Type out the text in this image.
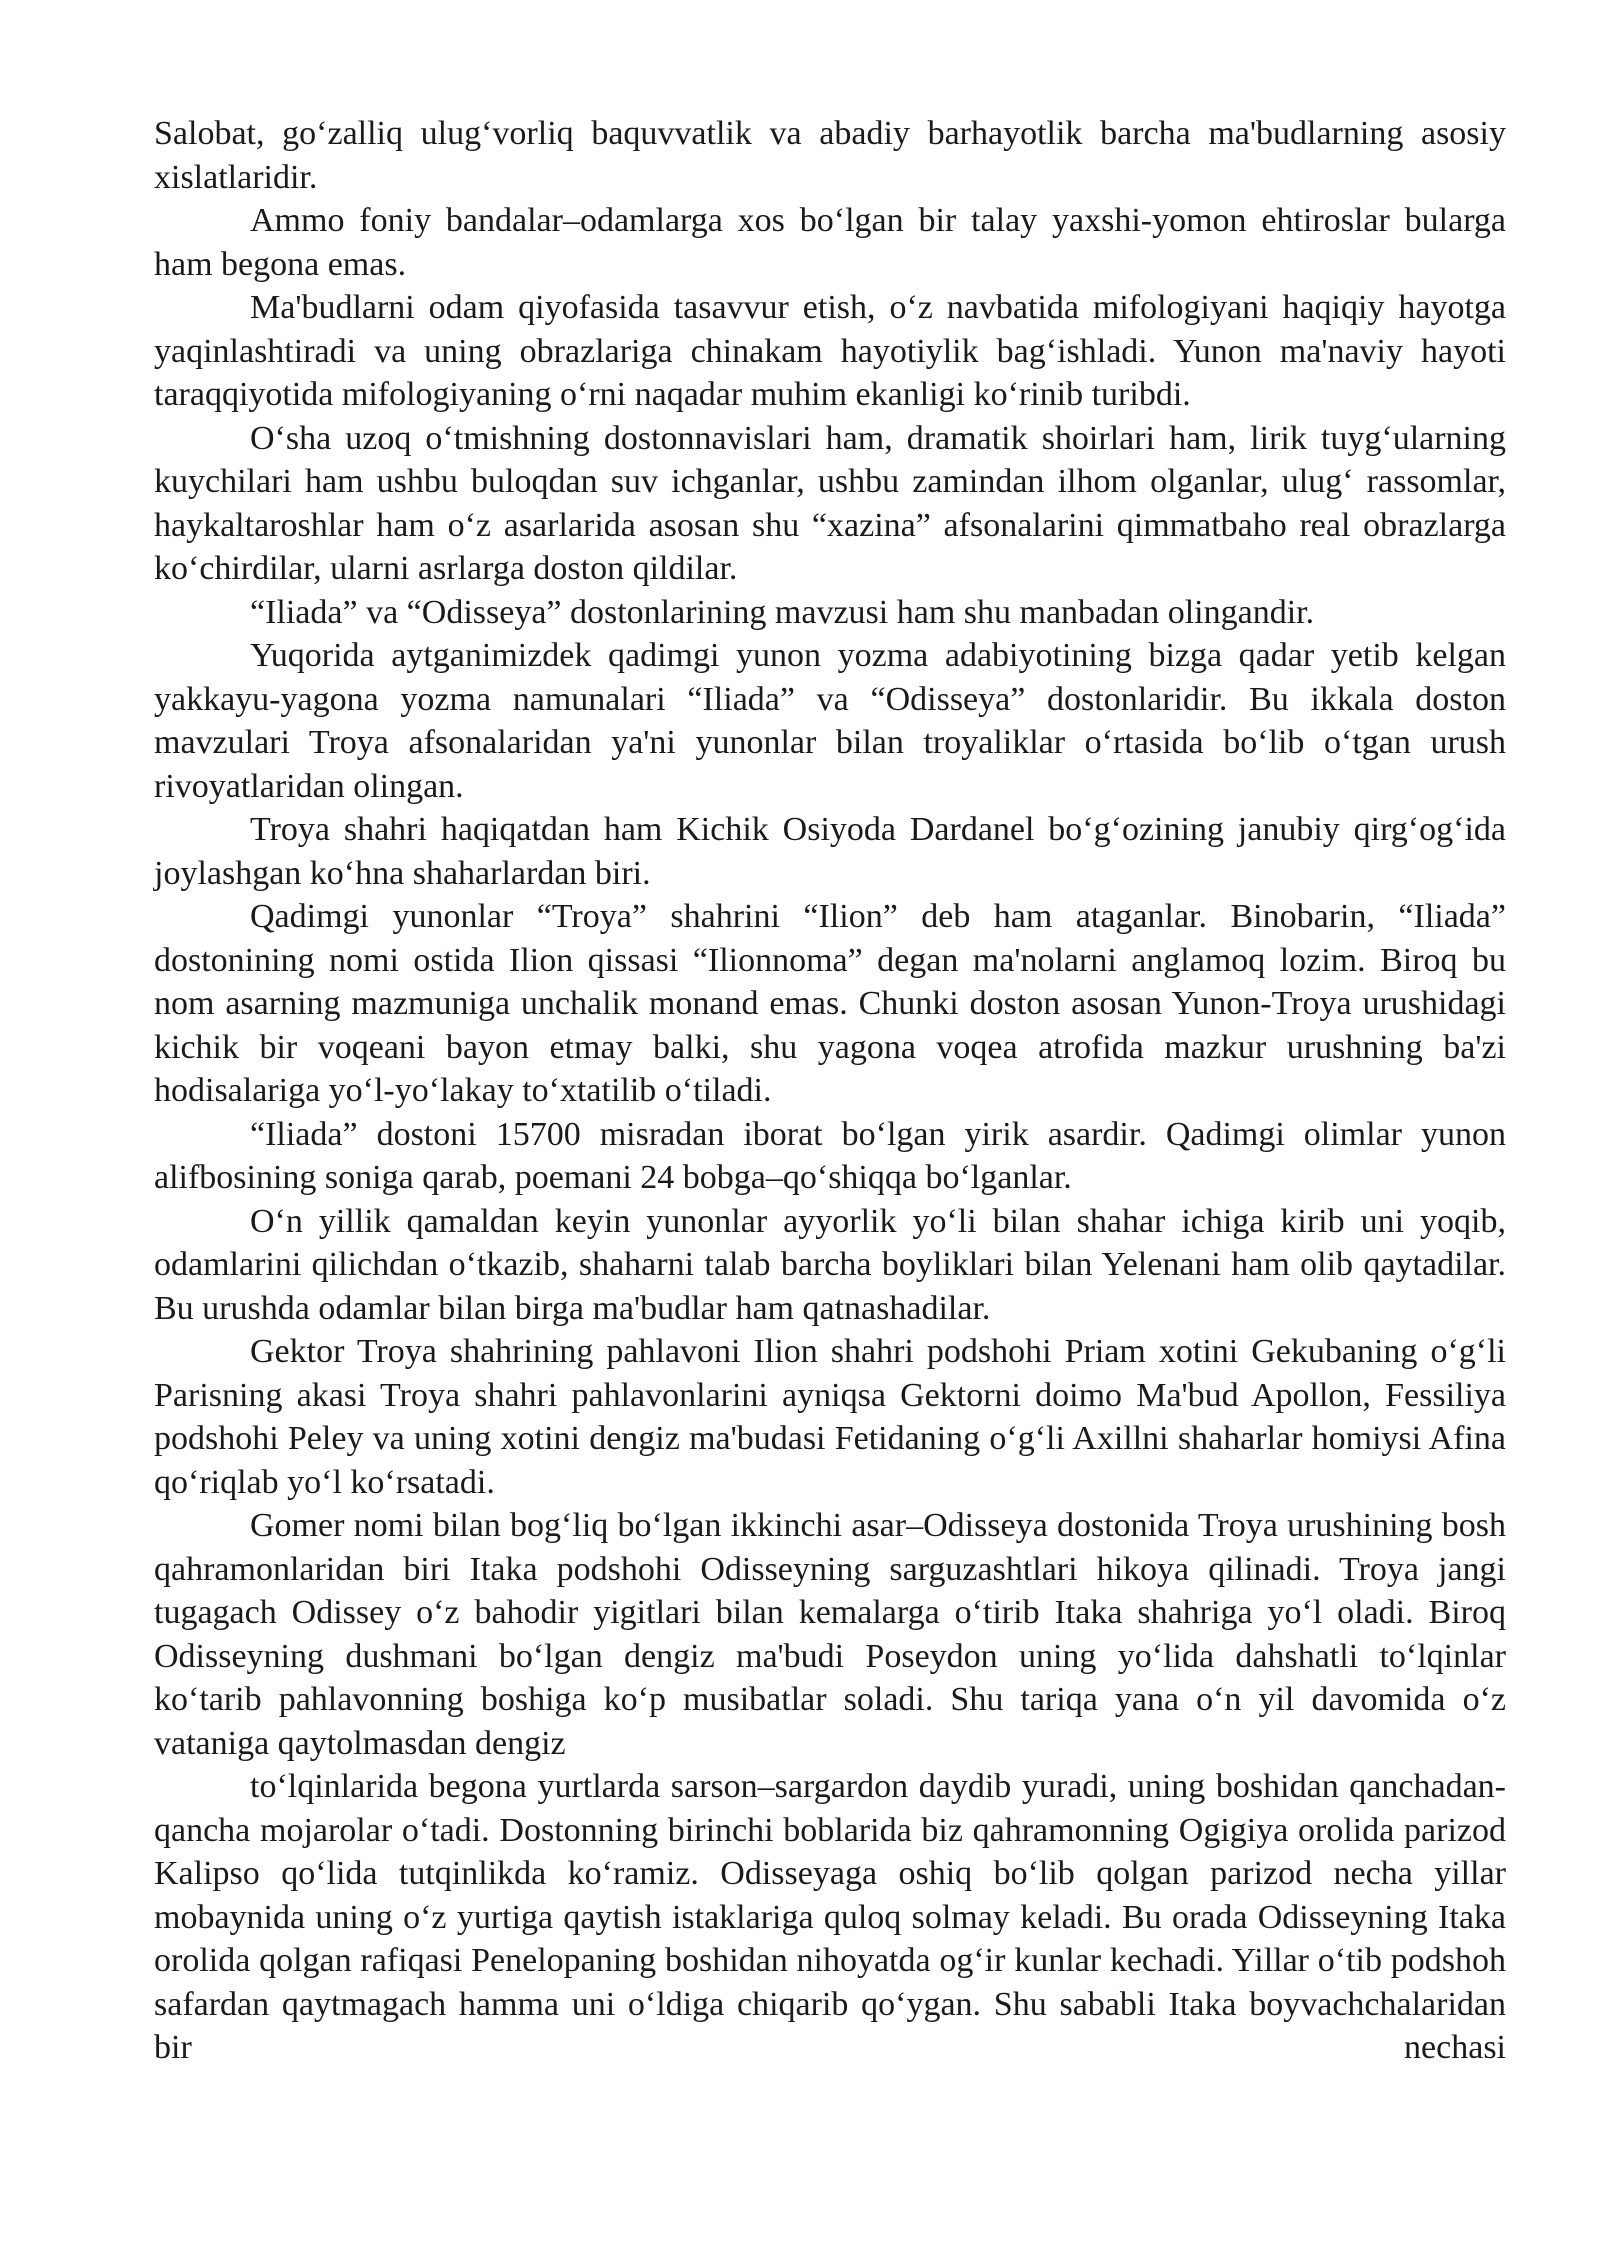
Salobat, go‘zalliq ulug‘vorliq baquvvatlik va abadiy barhayotlik barcha ma'budlarning asosiy xislatlaridir.

Ammo foniy bandalar–odamlarga xos bo‘lgan bir talay yaxshi-yomon ehtiroslar bularga ham begona emas.

Ma'budlarni odam qiyofasida tasavvur etish, o‘z navbatida mifologiyani haqiqiy hayotga yaqinlashtiradi va uning obrazlariga chinakam hayotiylik bag‘ishladi. Yunon ma'naviy hayoti taraqqiyotida mifologiyaning o‘rni naqadar muhim ekanligi ko‘rinib turibdi.

O‘sha uzoq o‘tmishning dostonnavislari ham, dramatik shoirlari ham, lirik tuyg‘ularning kuychilari ham ushbu buloqdan suv ichganlar, ushbu zamindan ilhom olganlar, ulug‘ rassomlar, haykaltaroshlar ham o‘z asarlarida asosan shu “xazina” afsonalarini qimmatbaho real obrazlarga ko‘chirdilar, ularni asrlarga doston qildilar.

“Iliada” va “Odisseya” dostonlarining mavzusi ham shu manbadan olingandir.

Yuqorida aytganimizdek qadimgi yunon yozma adabiyotining bizga qadar yetib kelgan yakkayu-yagona yozma namunalari “Iliada” va “Odisseya” dostonlaridir. Bu ikkala doston mavzulari Troya afsonalaridan ya'ni yunonlar bilan troyaliklar o‘rtasida bo‘lib o‘tgan urush rivoyatlaridan olingan.

Troya shahri haqiqatdan ham Kichik Osiyoda Dardanel bo‘g‘ozining janubiy qirg‘og‘ida joylashgan ko‘hna shaharlardan biri.

Qadimgi yunonlar “Troya” shahrini “Ilion” deb ham ataganlar. Binobarin, “Iliada” dostonining nomi ostida Ilion qissasi “Ilionnoma” degan ma'nolarni anglamoq lozim. Biroq bu nom asarning mazmuniga unchalik monand emas. Chunki doston asosan Yunon-Troya urushidagi kichik bir voqeani bayon etmay balki, shu yagona voqea atrofida mazkur urushning ba'zi hodisalariga yo‘l-yo‘lakay to‘xtatilib o‘tiladi.

“Iliada” dostoni 15700 misradan iborat bo‘lgan yirik asardir. Qadimgi olimlar yunon alifbosining soniga qarab, poemani 24 bobga–qo‘shiqqa bo‘lganlar.

O‘n yillik qamaldan keyin yunonlar ayyorlik yo‘li bilan shahar ichiga kirib uni yoqib, odamlarini qilichdan o‘tkazib, shaharni talab barcha boyliklari bilan Yelenani ham olib qaytadilar. Bu urushda odamlar bilan birga ma'budlar ham qatnashadilar.

Gektor Troya shahrining pahlavoni Ilion shahri podshohi Priam xotini Gekubaning o‘g‘li Parisning akasi Troya shahri pahlavonlarini ayniqsa Gektorni doimo Ma'bud Apollon, Fessiliya podshohi Peley va uning xotini dengiz ma'budasi Fetidaning o‘g‘li Axillni shaharlar homiysi Afina qo‘riqlab yo‘l ko‘rsatadi.

Gomer nomi bilan bog‘liq bo‘lgan ikkinchi asar–Odisseya dostonida Troya urushining bosh qahramonlaridan biri Itaka podshohi Odisseyning sarguzashtlari hikoya qilinadi. Troya jangi tugagach Odissey o‘z bahodir yigitlari bilan kemalarga o‘tirib Itaka shahriga yo‘l oladi. Biroq Odisseyning dushmani bo‘lgan dengiz ma'budi Poseydon uning yo‘lida dahshatli to‘lqinlar ko‘tarib pahlavonning boshiga ko‘p musibatlar soladi. Shu tariqa yana o‘n yil davomida o‘z vataniga qaytolmasdan dengiz

to‘lqinlarida begona yurtlarda sarson–sargardon daydib yuradi, uning boshidan qanchadan-qancha mojarolar o‘tadi. Dostonning birinchi boblarida biz qahramonning Ogigiya orolida parizod Kalipso qo‘lida tutqinlikda ko‘ramiz. Odisseyaga oshiq bo‘lib qolgan parizod necha yillar mobaynida uning o‘z yurtiga qaytish istaklariga quloq solmay keladi. Bu orada Odisseyning Itaka orolida qolgan rafiqasi Penelopaning boshidan nihoyatda og‘ir kunlar kechadi. Yillar o‘tib podshoh safardan qaytmagach hamma uni o‘ldiga chiqarib qo‘ygan. Shu sababli Itaka boyvachchalaridan bir nechasi
